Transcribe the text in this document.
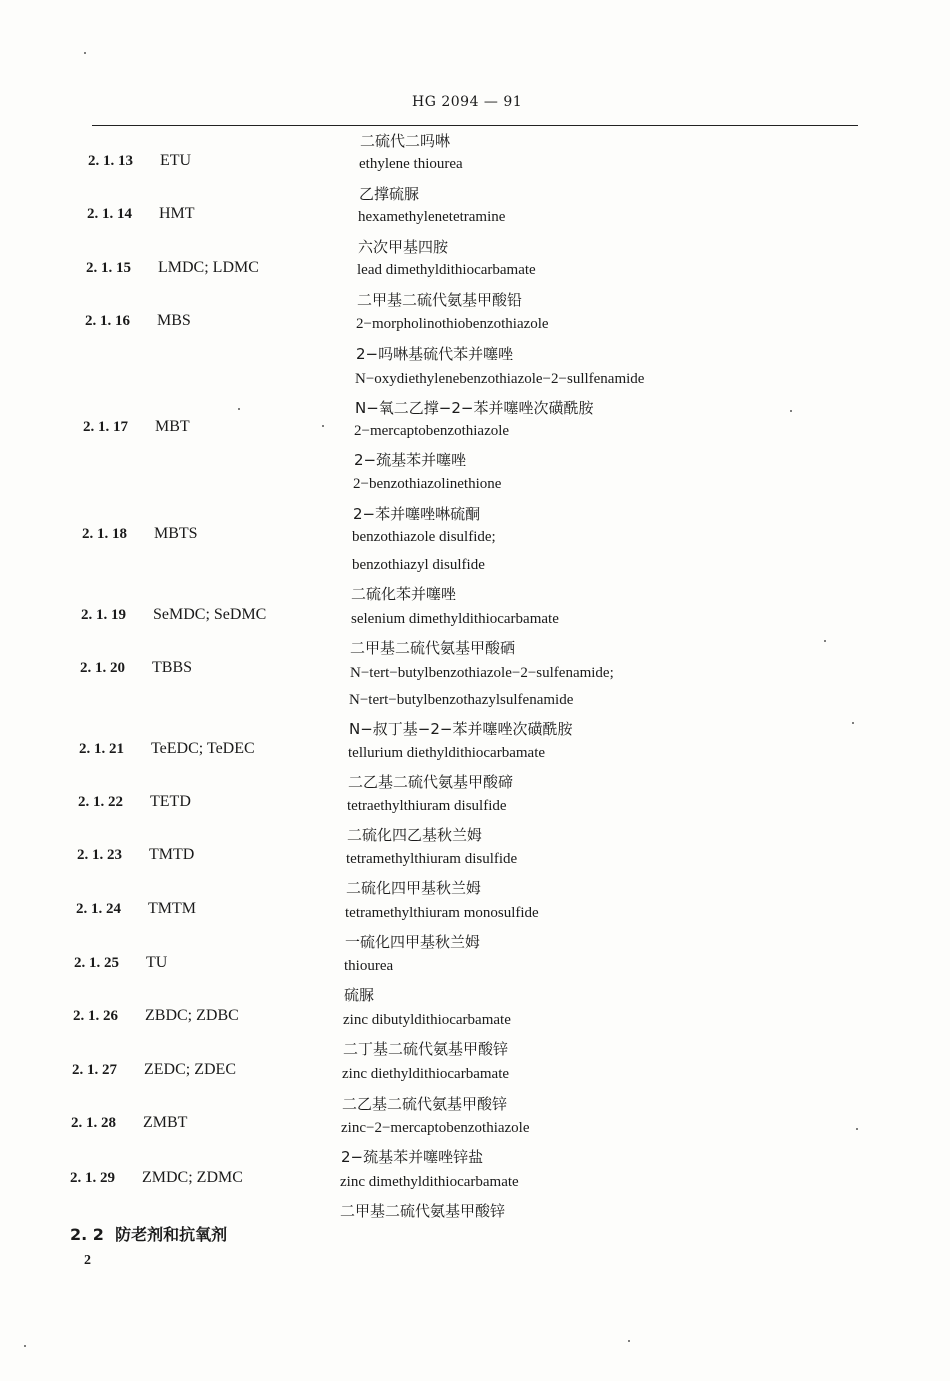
HG 2094 — 91
二硫代二吗啉
ethylene thiourea
乙撑硫脲
hexamethylenetetramine
六次甲基四胺
lead dimethyldithiocarbamate
二甲基二硫代氨基甲酸铅
2−morpholinothiobenzothiazole
2−吗啉基硫代苯并噻唑
N−oxydiethylenebenzothiazole−2−sullfenamide
N−氧二乙撑−2−苯并噻唑次磺酰胺
2−mercaptobenzothiazole
2−巯基苯并噻唑
2−benzothiazolinethione
2−苯并噻唑啉硫酮
benzothiazole disulfide;
benzothiazyl disulfide
二硫化苯并噻唑
selenium dimethyldithiocarbamate
二甲基二硫代氨基甲酸硒
N−tert−butylbenzothiazole−2−sulfenamide;
N−tert−butylbenzothazylsulfenamide
N−叔丁基−2−苯并噻唑次磺酰胺
tellurium diethyldithiocarbamate
二乙基二硫代氨基甲酸碲
tetraethylthiuram disulfide
二硫化四乙基秋兰姆
tetramethylthiuram disulfide
二硫化四甲基秋兰姆
tetramethylthiuram monosulfide
一硫化四甲基秋兰姆
thiourea
硫脲
zinc dibutyldithiocarbamate
二丁基二硫代氨基甲酸锌
zinc diethyldithiocarbamate
二乙基二硫代氨基甲酸锌
zinc−2−mercaptobenzothiazole
2−巯基苯并噻唑锌盐
zinc dimethyldithiocarbamate
二甲基二硫代氨基甲酸锌
2. 1. 13 ETU
2. 1. 14 HMT
2. 1. 15 LMDC; LDMC
2. 1. 16 MBS
2. 1. 17 MBT
2. 1. 18 MBTS
2. 1. 19 SeMDC; SeDMC
2. 1. 20 TBBS
2. 1. 21 TeEDC; TeDEC
2. 1. 22 TETD
2. 1. 23 TMTD
2. 1. 24 TMTM
2. 1. 25 TU
2. 1. 26 ZBDC; ZDBC
2. 1. 27 ZEDC; ZDEC
2. 1. 28 ZMBT
2. 1. 29 ZMDC; ZDMC
2. 2 防老剂和抗氧剂
2
